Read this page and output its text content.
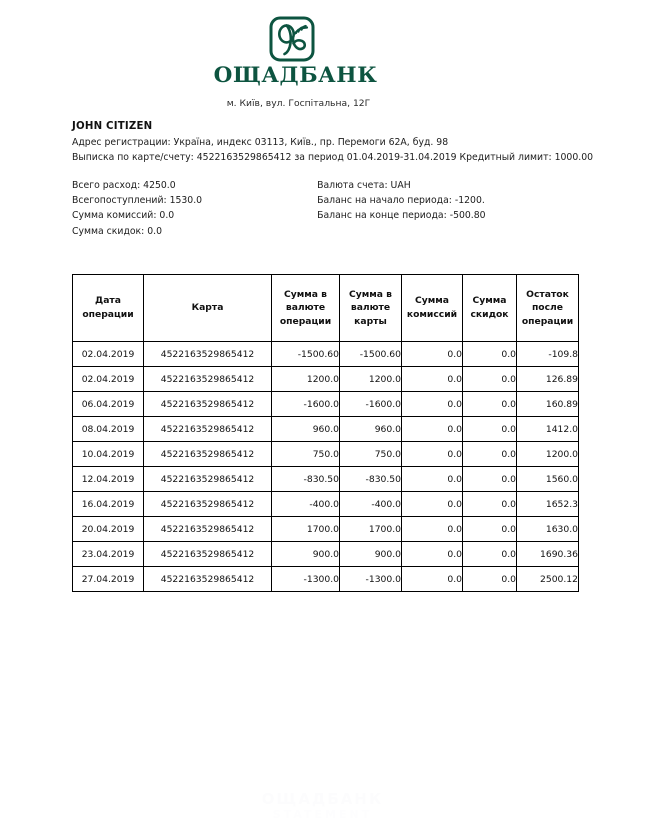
ОЩАДБАНК
м. Київ, вул. Госпітальна, 12Г
JOHN CITIZEN
Адрес регистрации: Україна, индекс 03113, Київ., пр. Перемоги 62А, буд. 98
Выписка по карте/счету: 4522163529865412 за период 01.04.2019-31.04.2019 Кредитный лимит: 1000.00
Всего расход: 4250.0
Всегопоступлений: 1530.0
Сумма комиссий: 0.0
Сумма скидок: 0.0

Валюта счета: UAH
Баланс на начало периода: -1200.
Баланс на конце периода: -500.80
Дата операции	Карта	Сумма в валюте операции	Сумма в валюте карты	Сумма комиссий	Сумма скидок	Остаток после операции
02.04.2019	4522163529865412	-1500.60	-1500.60	0.0	0.0	-109.8
02.04.2019	4522163529865412	1200.0	1200.0	0.0	0.0	126.89
06.04.2019	4522163529865412	-1600.0	-1600.0	0.0	0.0	160.89
08.04.2019	4522163529865412	960.0	960.0	0.0	0.0	1412.0
10.04.2019	4522163529865412	750.0	750.0	0.0	0.0	1200.0
12.04.2019	4522163529865412	-830.50	-830.50	0.0	0.0	1560.0
16.04.2019	4522163529865412	-400.0	-400.0	0.0	0.0	1652.3
20.04.2019	4522163529865412	1700.0	1700.0	0.0	0.0	1630.0
23.04.2019	4522163529865412	900.0	900.0	0.0	0.0	1690.36
27.04.2019	4522163529865412	-1300.0	-1300.0	0.0	0.0	2500.12
ОЩАДБАНК
STATEMENT
